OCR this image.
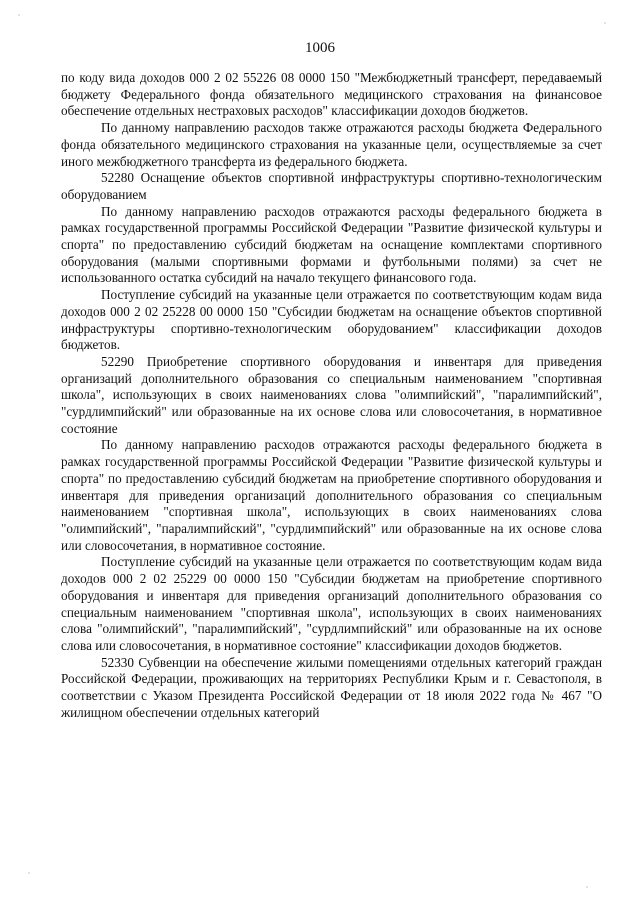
1006

по коду вида доходов 000 2 02 55226 08 0000 150 "Межбюджетный трансферт, передаваемый бюджету Федерального фонда обязательного медицинского страхования на финансовое обеспечение отдельных нестраховых расходов" классификации доходов бюджетов.

По данному направлению расходов также отражаются расходы бюджета Федерального фонда обязательного медицинского страхования на указанные цели, осуществляемые за счет иного межбюджетного трансферта из федерального бюджета.

52280 Оснащение объектов спортивной инфраструктуры спортивно-технологическим оборудованием

По данному направлению расходов отражаются расходы федерального бюджета в рамках государственной программы Российской Федерации "Развитие физической культуры и спорта" по предоставлению субсидий бюджетам на оснащение комплектами спортивного оборудования (малыми спортивными формами и футбольными полями) за счет не использованного остатка субсидий на начало текущего финансового года.

Поступление субсидий на указанные цели отражается по соответствующим кодам вида доходов 000 2 02 25228 00 0000 150 "Субсидии бюджетам на оснащение объектов спортивной инфраструктуры спортивно-технологическим оборудованием" классификации доходов бюджетов.

52290 Приобретение спортивного оборудования и инвентаря для приведения организаций дополнительного образования со специальным наименованием "спортивная школа", использующих в своих наименованиях слова "олимпийский", "паралимпийский", "сурдлимпийский" или образованные на их основе слова или словосочетания, в нормативное состояние

По данному направлению расходов отражаются расходы федерального бюджета в рамках государственной программы Российской Федерации "Развитие физической культуры и спорта" по предоставлению субсидий бюджетам на приобретение спортивного оборудования и инвентаря для приведения организаций дополнительного образования со специальным наименованием "спортивная школа", использующих в своих наименованиях слова "олимпийский", "паралимпийский", "сурдлимпийский" или образованные на их основе слова или словосочетания, в нормативное состояние.

Поступление субсидий на указанные цели отражается по соответствующим кодам вида доходов 000 2 02 25229 00 0000 150 "Субсидии бюджетам на приобретение спортивного оборудования и инвентаря для приведения организаций дополнительного образования со специальным наименованием "спортивная школа", использующих в своих наименованиях слова "олимпийский", "паралимпийский", "сурдлимпийский" или образованные на их основе слова или словосочетания, в нормативное состояние" классификации доходов бюджетов.

52330 Субвенции на обеспечение жилыми помещениями отдельных категорий граждан Российской Федерации, проживающих на территориях Республики Крым и г. Севастополя, в соответствии с Указом Президента Российской Федерации от 18 июля 2022 года № 467 "О жилищном обеспечении отдельных категорий
